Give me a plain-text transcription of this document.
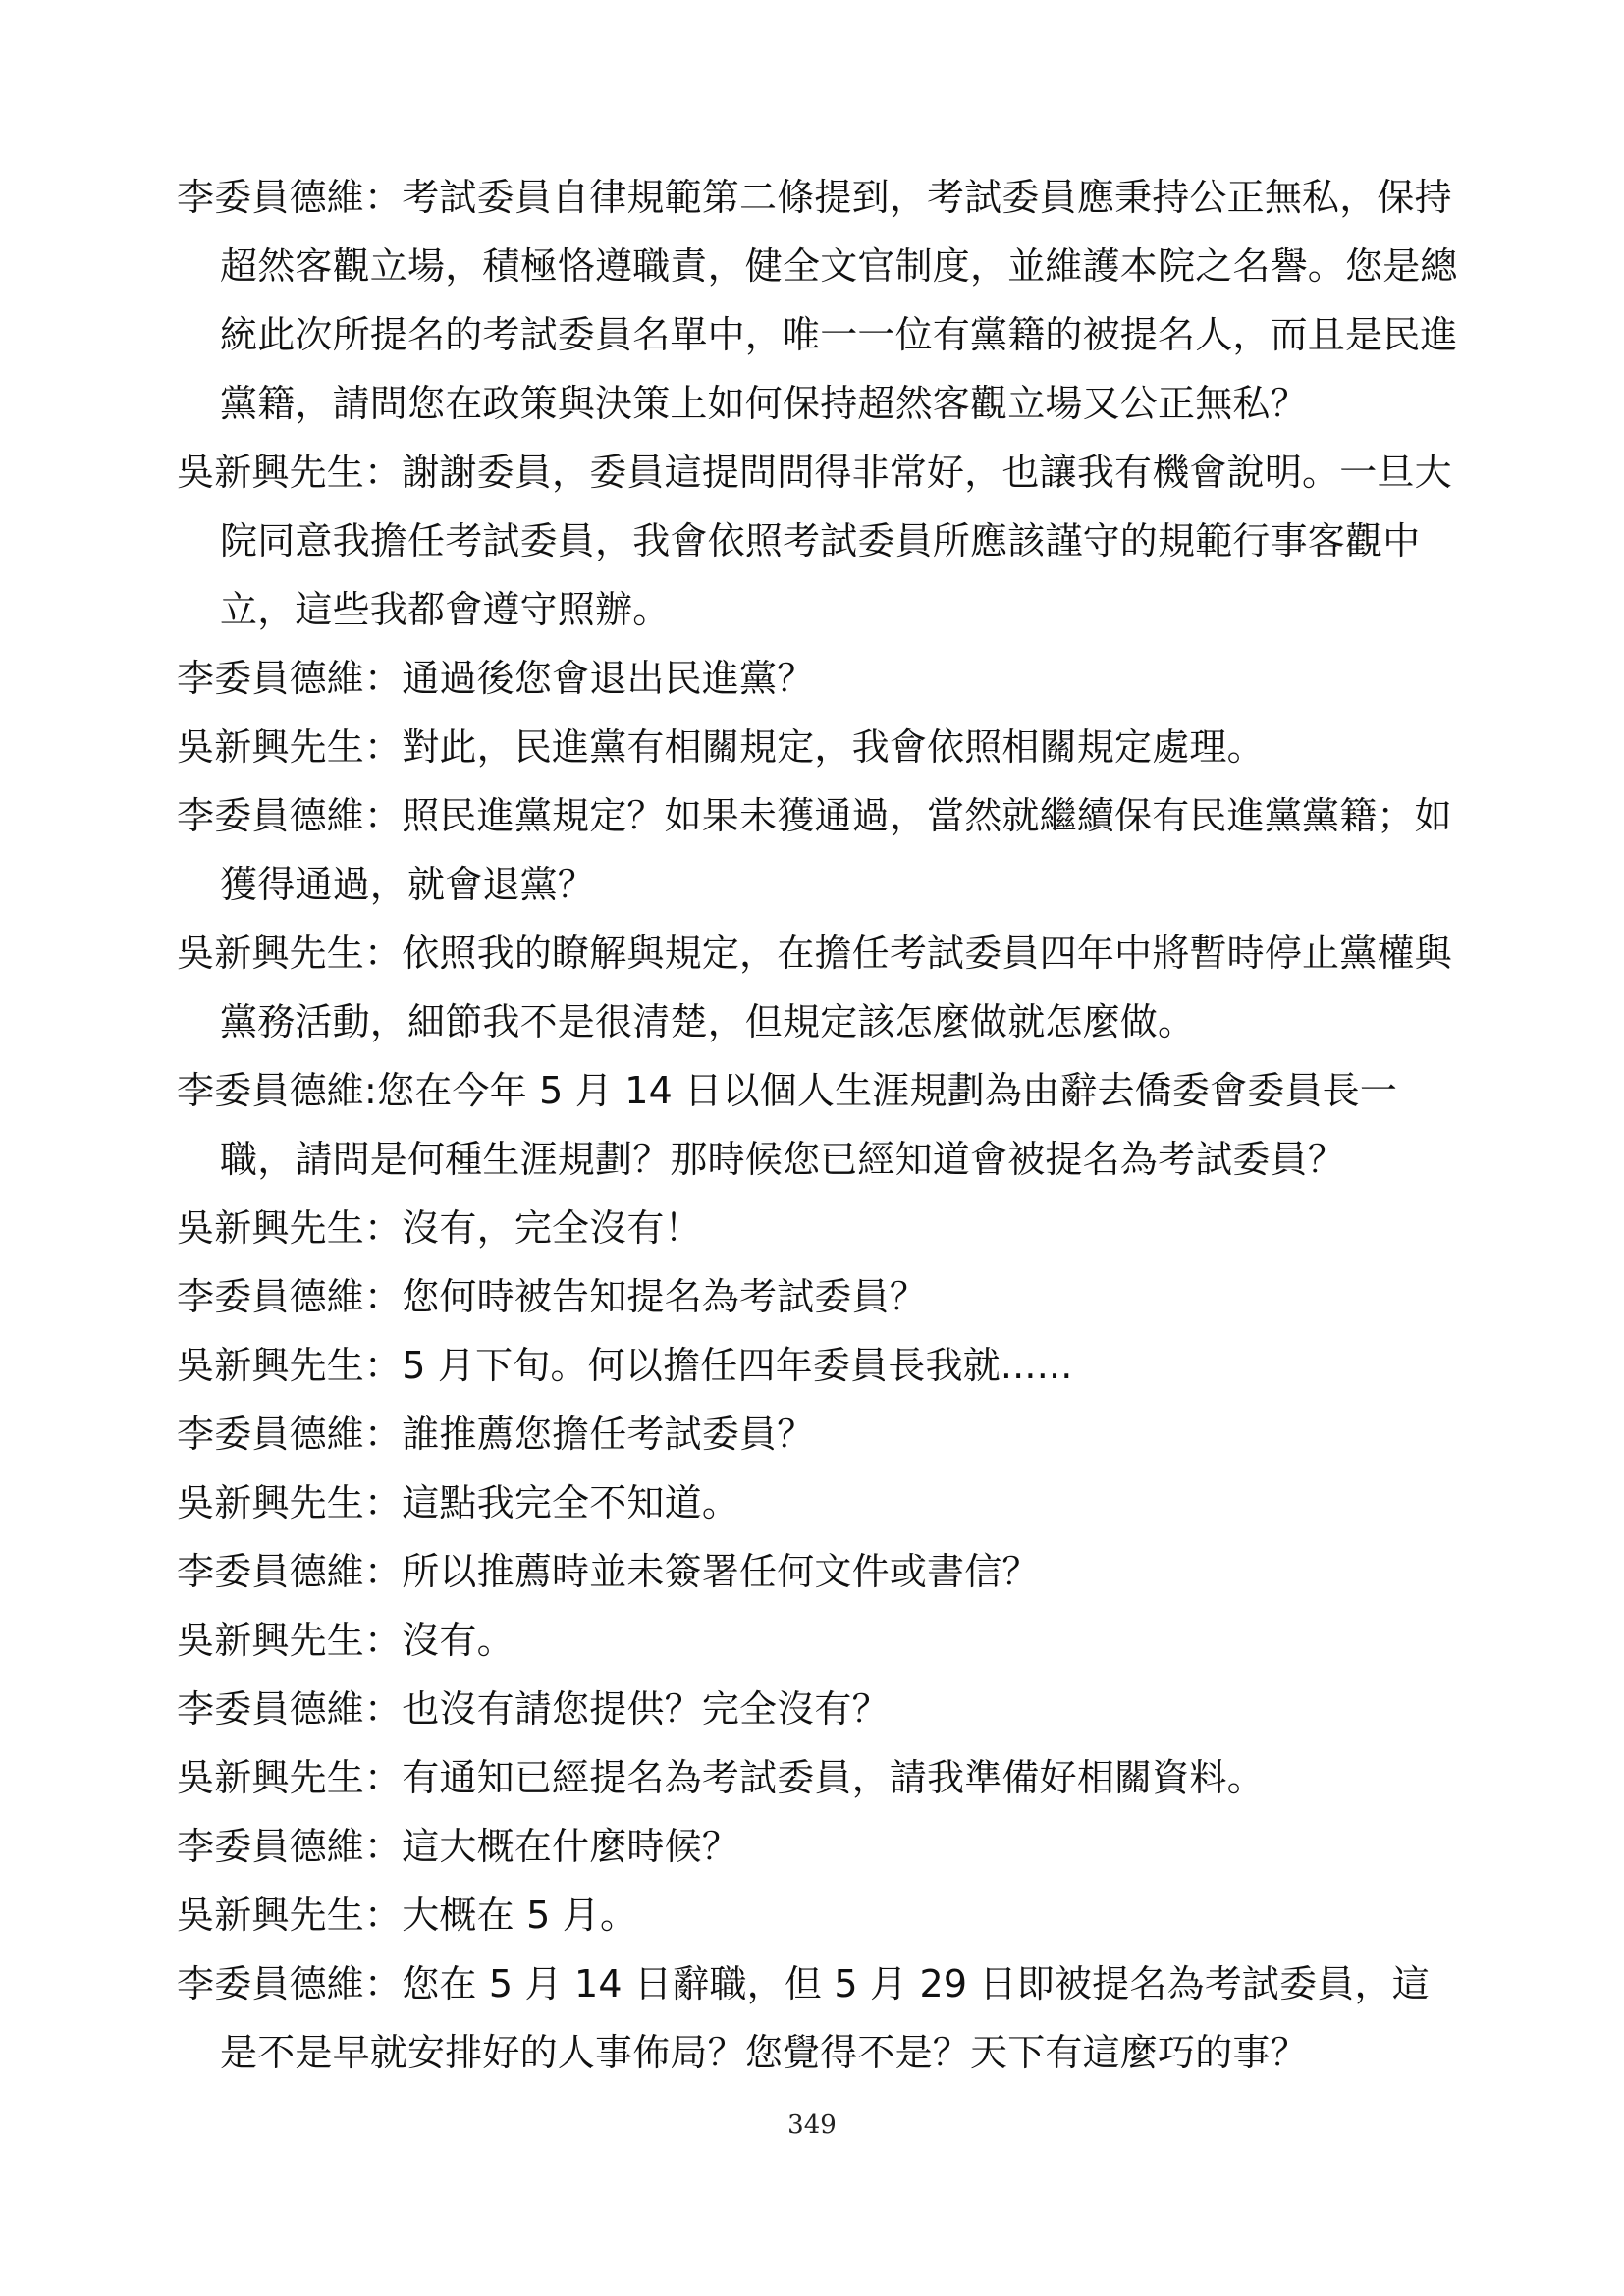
李委員德維：考試委員自律規範第二條提到，考試委員應秉持公正無私，保持超然客觀立場，積極恪遵職責，健全文官制度，並維護本院之名譽。您是總統此次所提名的考試委員名單中，唯一一位有黨籍的被提名人，而且是民進黨籍，請問您在政策與決策上如何保持超然客觀立場又公正無私？

吳新興先生：謝謝委員，委員這提問問得非常好，也讓我有機會說明。一旦大院同意我擔任考試委員，我會依照考試委員所應該謹守的規範行事客觀中立，這些我都會遵守照辦。

李委員德維：通過後您會退出民進黨？

吳新興先生：對此，民進黨有相關規定，我會依照相關規定處理。

李委員德維：照民進黨規定？如果未獲通過，當然就繼續保有民進黨黨籍；如獲得通過，就會退黨？

吳新興先生：依照我的瞭解與規定，在擔任考試委員四年中將暫時停止黨權與黨務活動，細節我不是很清楚，但規定該怎麼做就怎麼做。

李委員德維:您在今年 5 月 14 日以個人生涯規劃為由辭去僑委會委員長一職，請問是何種生涯規劃？那時候您已經知道會被提名為考試委員？

吳新興先生：沒有，完全沒有！

李委員德維：您何時被告知提名為考試委員？

吳新興先生：5 月下旬。何以擔任四年委員長我就......

李委員德維：誰推薦您擔任考試委員？

吳新興先生：這點我完全不知道。

李委員德維：所以推薦時並未簽署任何文件或書信？

吳新興先生：沒有。

李委員德維：也沒有請您提供？完全沒有？

吳新興先生：有通知已經提名為考試委員，請我準備好相關資料。

李委員德維：這大概在什麼時候？

吳新興先生：大概在 5 月。

李委員德維：您在 5 月 14 日辭職，但 5 月 29 日即被提名為考試委員，這是不是早就安排好的人事佈局？您覺得不是？天下有這麼巧的事？

349
